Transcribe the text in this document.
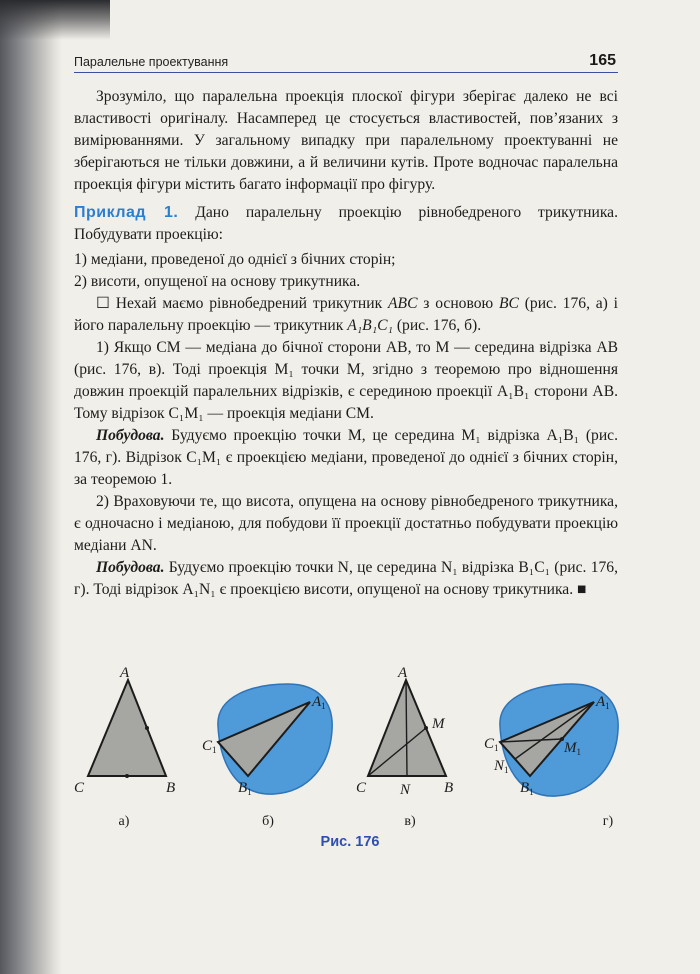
Паралельне проектування	165

Зрозуміло, що паралельна проекція плоскої фігури зберігає далеко не всі властивості оригіналу. Насамперед це стосується властивостей, пов’язаних з вимірюваннями. У загальному випадку при паралельному проектуванні не зберігаються не тільки довжини, а й величини кутів. Проте водночас паралельна проекція фігури містить багато інформації про фігуру.

Приклад 1. Дано паралельну проекцію рівнобедреного трикутника. Побудувати проекцію:

1) медіани, проведеної до однієї з бічних сторін;

2) висоти, опущеної на основу трикутника.

☐ Нехай маємо рівнобедрений трикутник ABC з основою BC (рис. 176, а) і його паралельну проекцію — трикутник A₁B₁C₁ (рис. 176, б).

1) Якщо CM — медіана до бічної сторони AB, то M — середина відрізка AB (рис. 176, в). Тоді проекція M₁ точки M, згідно з теоремою про відношення довжин проекцій паралельних відрізків, є серединою проекції A₁B₁ сторони AB. Тому відрізок C₁M₁ — проекція медіани CM.

Побудова. Будуємо проекцію точки M, це середина M₁ відрізка A₁B₁ (рис. 176, г). Відрізок C₁M₁ є проекцією медіани, проведеної до однієї з бічних сторін, за теоремою 1.

2) Враховуючи те, що висота, опущена на основу рівнобедреного трикутника, є одночасно і медіаною, для побудови її проекції достатньо побудувати проекцію медіани AN.

Побудова. Будуємо проекцію точки N, це середина N₁ відрізка B₁C₁ (рис. 176, г). Тоді відрізок A₁N₁ є проекцією висоти, опущеної на основу трикутника. ■

A
C	B
а)
$A_1$
$C_1$
$B_1$
б)
A
M
C N B
в)
$A_1$
$M_1$
$C_1$
$N_1$
$B_1$
г)
Рис. 176
